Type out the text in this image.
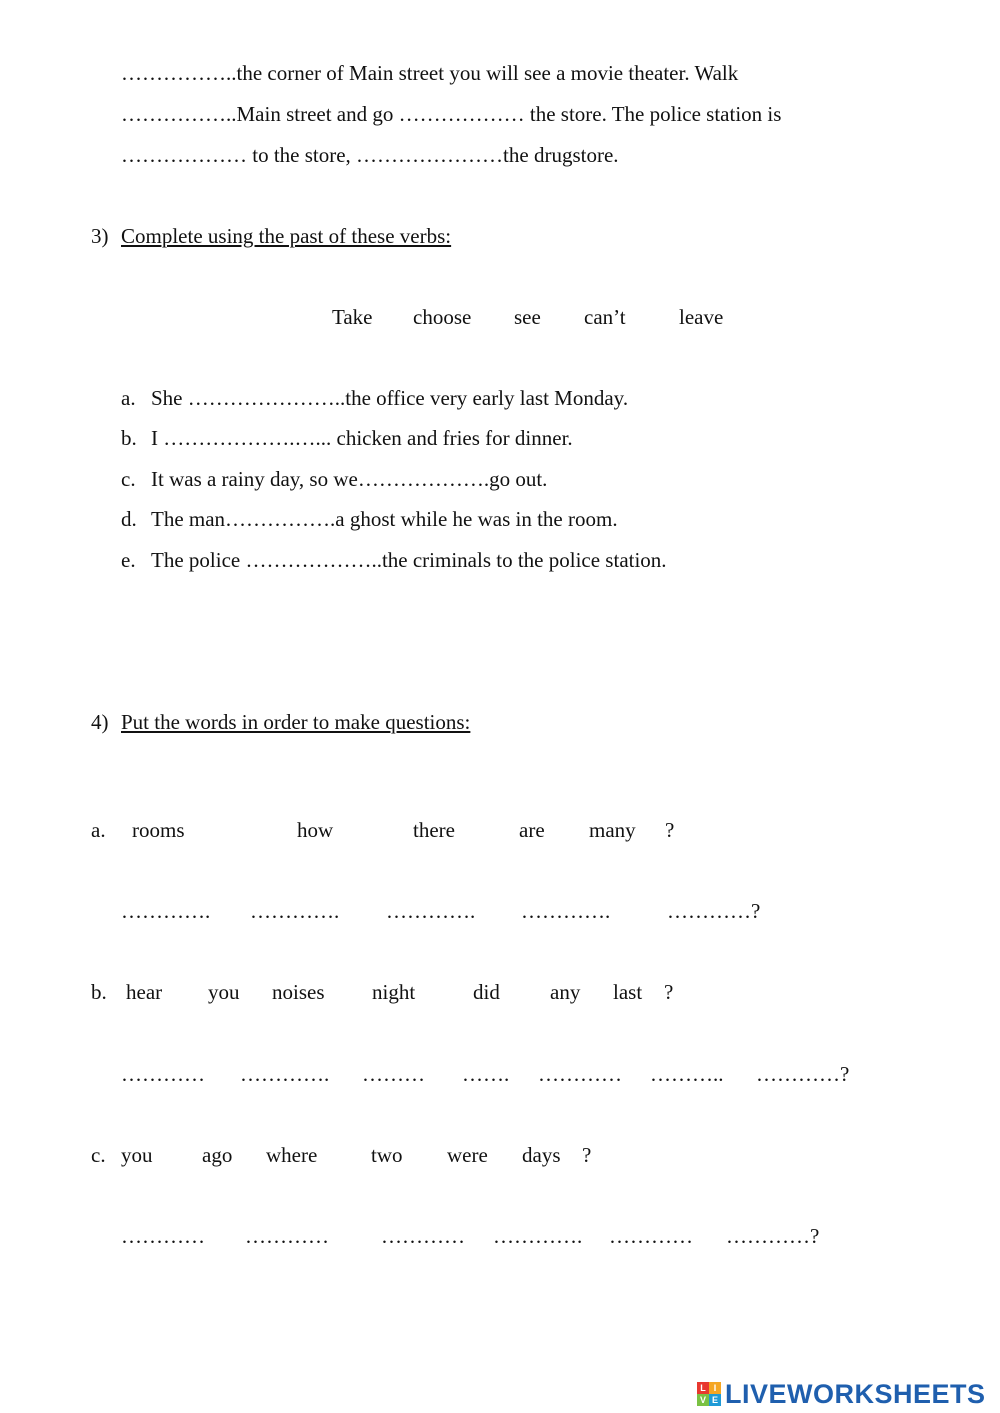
……………..the corner of Main street you will see a movie theater. Walk
……………..Main street and go ……………… the store. The police station is
……………… to the store, …………………the drugstore.
3) Complete using the past of these verbs:
Take choose see can’t	leave
a. She …………………..the office very early last Monday.
b. I ……………….…... chicken and fries for dinner.
c. It was a rainy day, so we……………….go out.
d. The man…………….a ghost while he was in the room.
e. The police ………………..the criminals to the police station.
4) Put the words in order to make questions:
a. rooms	how	there	are many ?
…………. …………. …………. ………….	…………?
b. hear you noises night	did any last ?
………… …………. ……… ……. ………… ……….. …………?
c. you ago where	two were days ?
………… ………… ………… …………. ………… …………?
L I
V E LIVEWORKSHEETS
